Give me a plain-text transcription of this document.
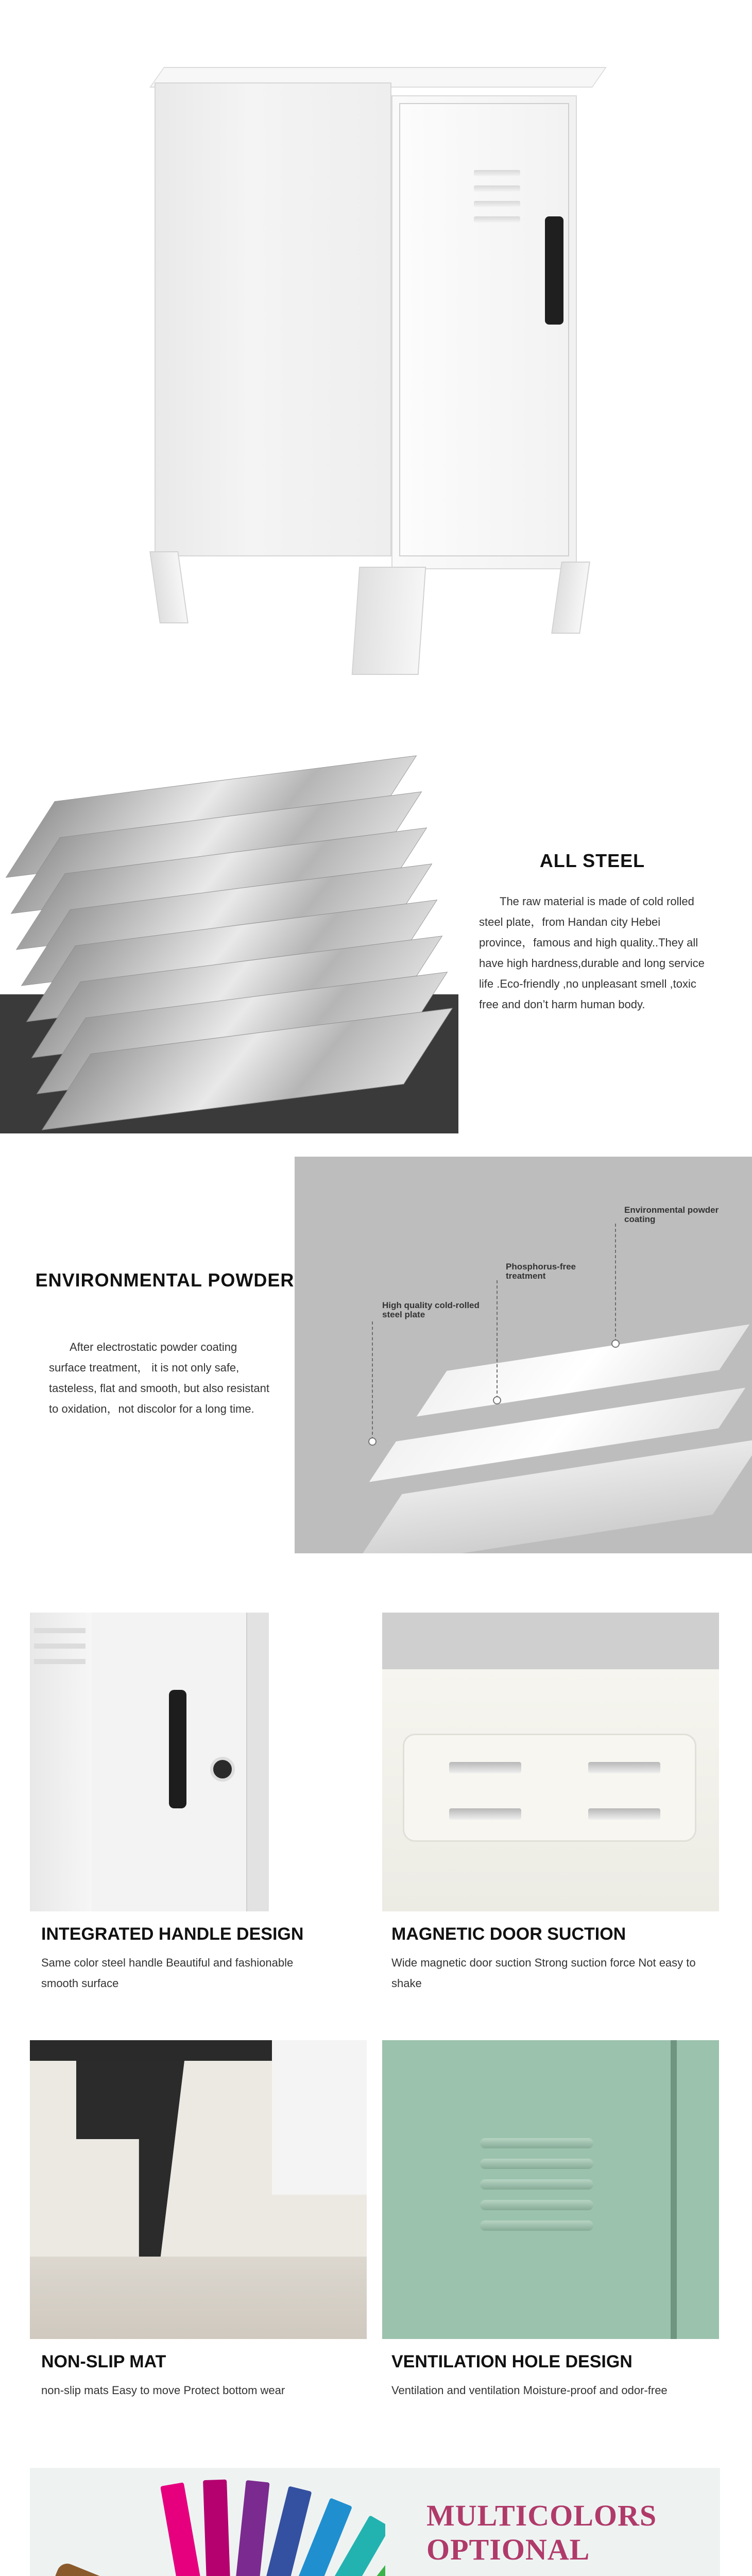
ALL STEEL
The raw material is made of cold rolled steel plate，from Handan city Hebei province，famous and high quality..They all have high hardness,durable and long service life .Eco-friendly ,no unpleasant smell ,toxic free and don’t harm human body.
ENVIRONMENTAL POWDER
After electrostatic powder coating surface treatment， it is not only safe, tasteless, flat and smooth, but also resistant to oxidation，not discolor for a long time.
High quality cold-rolled steel plate
Phosphorus-free treatment
Environmental powder coating
INTEGRATED HANDLE DESIGN
Same color steel handle Beautiful and fashionable smooth surface
MAGNETIC DOOR SUCTION
Wide magnetic door suction Strong suction force Not easy to shake
NON-SLIP MAT
non-slip mats Easy to move Protect bottom wear
VENTILATION HOLE DESIGN
Ventilation and ventilation Moisture-proof and odor-free
MULTICOLORS OPTIONAL
